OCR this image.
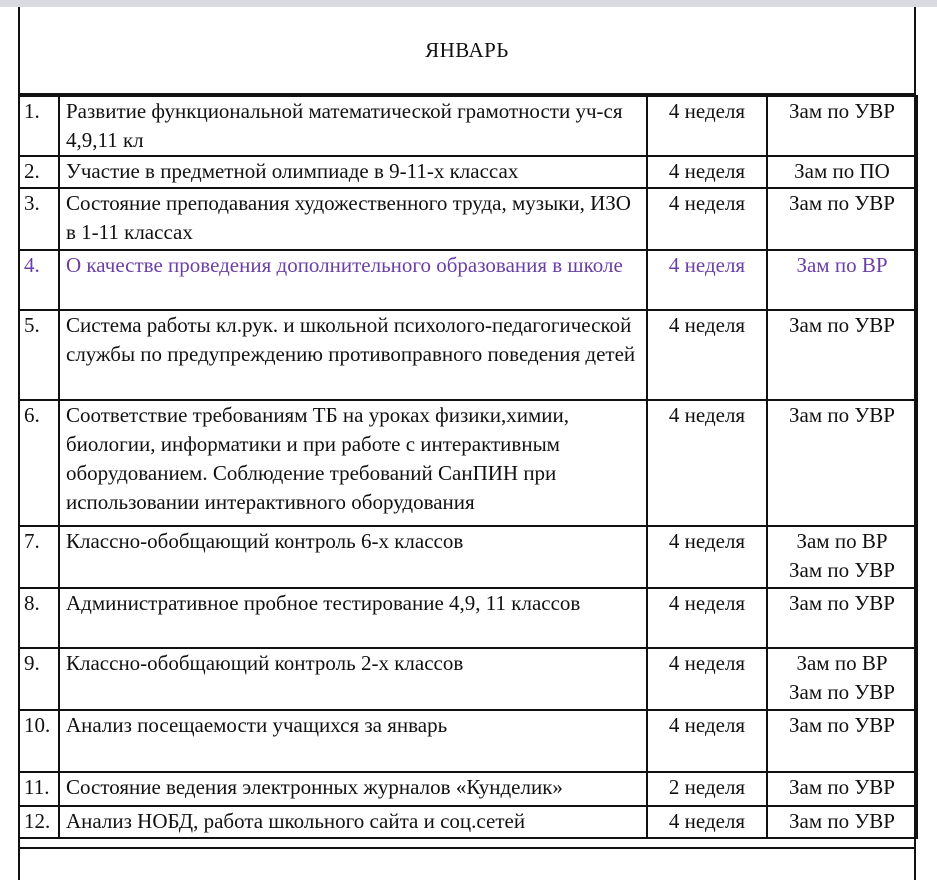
ЯНВАРЬ
1.	Развитие функциональной математической грамотности уч-ся 4,9,11 кл	4 неделя	Зам по УВР

2.	Участие в предметной олимпиаде в 9-11-х классах	4 неделя	Зам по ПО

3.	Состояние преподавания художественного труда, музыки, ИЗО в 1-11 классах	4 неделя	Зам по УВР

4.	О качестве проведения дополнительного образования в школе	4 неделя	Зам по ВР

5.	Система работы кл.рук. и школьной психолого-педагогической службы по предупреждению противоправного поведения детей	4 неделя	Зам по УВР

6.	Соответствие требованиям ТБ на уроках физики,химии, биологии, информатики и при работе с интерактивным оборудованием. Соблюдение требований СанПИН при использовании интерактивного оборудования	4 неделя	Зам по УВР

7.	Классно-обобщающий контроль 6-х классов	4 неделя	Зам по ВР
Зам по УВР

8.	Административное пробное тестирование 4,9, 11 классов	4 неделя	Зам по УВР

9.	Классно-обобщающий контроль 2-х классов	4 неделя	Зам по ВР
Зам по УВР

10.	Анализ посещаемости учащихся за январь	4 неделя	Зам по УВР

11.	Состояние ведения электронных журналов «Кунделик»	2 неделя	Зам по УВР

12.	Анализ НОБД, работа школьного сайта и соц.сетей	4 неделя	Зам по УВР
